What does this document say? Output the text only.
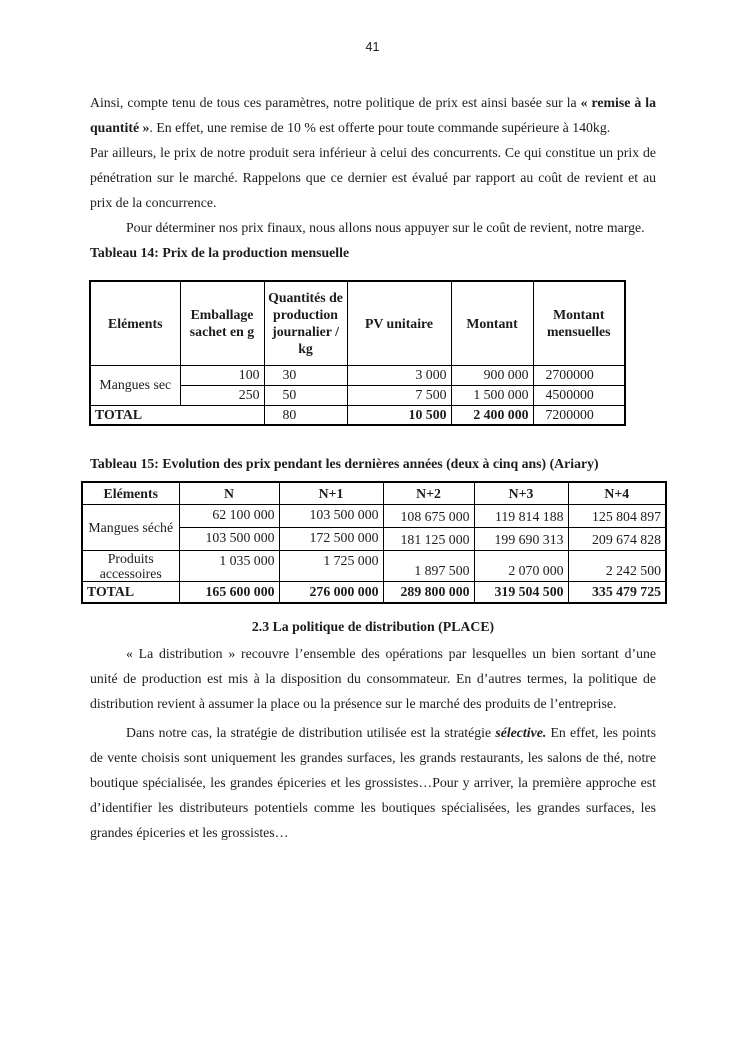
41

Ainsi, compte tenu de tous ces paramètres, notre politique de prix est ainsi basée sur la « remise à la quantité ». En effet, une remise de 10 % est offerte pour toute commande supérieure à 140kg.

Par ailleurs, le prix de notre produit sera inférieur à celui des concurrents. Ce qui constitue un prix de pénétration sur le marché. Rappelons que ce dernier est évalué par rapport au coût de revient et au prix de la concurrence.

Pour déterminer nos prix finaux, nous allons nous appuyer sur le coût de revient, notre marge.

Tableau 14: Prix de la production mensuelle

Eléments	Emballage sachet en g	Quantités de production journalier / kg	PV unitaire	Montant	Montant mensuelles
Mangues sec	100	30	3 000	900 000	2700000
	250	50	7 500	1 500 000	4500000
TOTAL		80	10 500	2 400 000	7200000

Tableau 15: Evolution des prix pendant les dernières années (deux à cinq ans) (Ariary)

Eléments	N	N+1	N+2	N+3	N+4
Mangues séché	62 100 000	103 500 000	108 675 000	119 814 188	125 804 897
	103 500 000	172 500 000	181 125 000	199 690 313	209 674 828
Produits accessoires	1 035 000	1 725 000	1 897 500	2 070 000	2 242 500
TOTAL	165 600 000	276 000 000	289 800 000	319 504 500	335 479 725
2.3 La politique de distribution (PLACE)

« La distribution » recouvre l’ensemble des opérations par lesquelles un bien sortant d’une unité de production est mis à la disposition du consommateur. En d’autres termes, la politique de distribution revient à assumer la place ou la présence sur le marché des produits de l’entreprise.

Dans notre cas, la stratégie de distribution utilisée est la stratégie sélective. En effet, les points de vente choisis sont uniquement les grandes surfaces, les grands restaurants, les salons de thé, notre boutique spécialisée, les grandes épiceries et les grossistes…Pour y arriver, la première approche est d’identifier les distributeurs potentiels comme les boutiques spécialisées, les grandes surfaces, les grandes épiceries et les grossistes…
